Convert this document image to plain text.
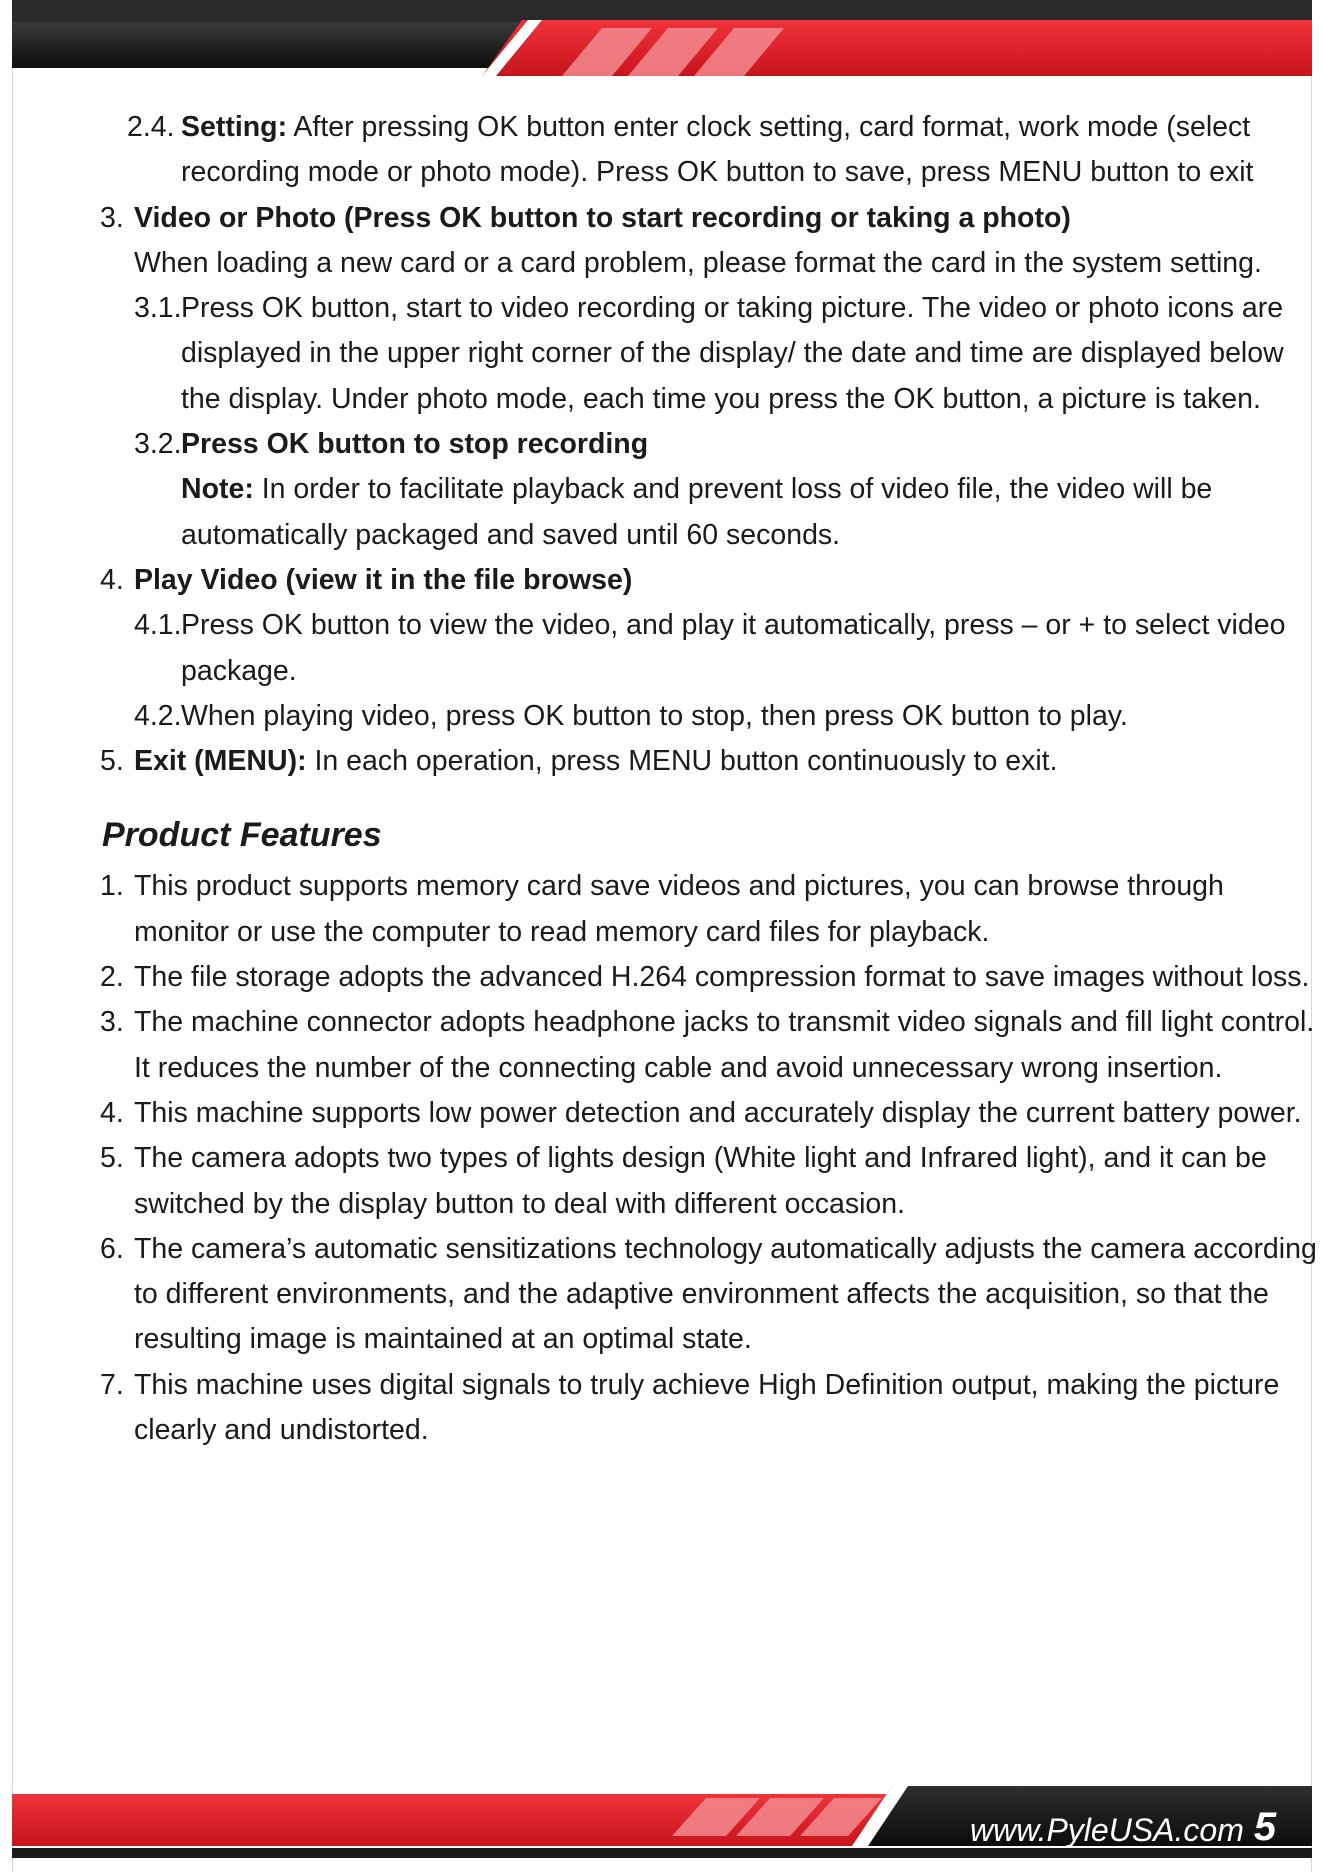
2.4. Setting: After pressing OK button enter clock setting, card format, work mode (select recording mode or photo mode). Press OK button to save, press MENU button to exit
3. Video or Photo (Press OK button to start recording or taking a photo)
When loading a new card or a card problem, please format the card in the system setting.
3.1. Press OK button, start to video recording or taking picture. The video or photo icons are displayed in the upper right corner of the display/ the date and time are displayed below the display. Under photo mode, each time you press the OK button, a picture is taken.
3.2. Press OK button to stop recording
Note: In order to facilitate playback and prevent loss of video file, the video will be automatically packaged and saved until 60 seconds.
4. Play Video (view it in the file browse)
4.1. Press OK button to view the video, and play it automatically, press – or + to select video package.
4.2. When playing video, press OK button to stop, then press OK button to play.
5. Exit (MENU): In each operation, press MENU button continuously to exit.
Product Features
1. This product supports memory card save videos and pictures, you can browse through monitor or use the computer to read memory card files for playback.
2. The file storage adopts the advanced H.264 compression format to save images without loss.
3. The machine connector adopts headphone jacks to transmit video signals and fill light control. It reduces the number of the connecting cable and avoid unnecessary wrong insertion.
4. This machine supports low power detection and accurately display the current battery power.
5. The camera adopts two types of lights design (White light and Infrared light), and it can be switched by the display button to deal with different occasion.
6. The camera’s automatic sensitizations technology automatically adjusts the camera according to different environments, and the adaptive environment affects the acquisition, so that the resulting image is maintained at an optimal state.
7. This machine uses digital signals to truly achieve High Definition output, making the picture clearly and undistorted.
www.PyleUSA.com 5
